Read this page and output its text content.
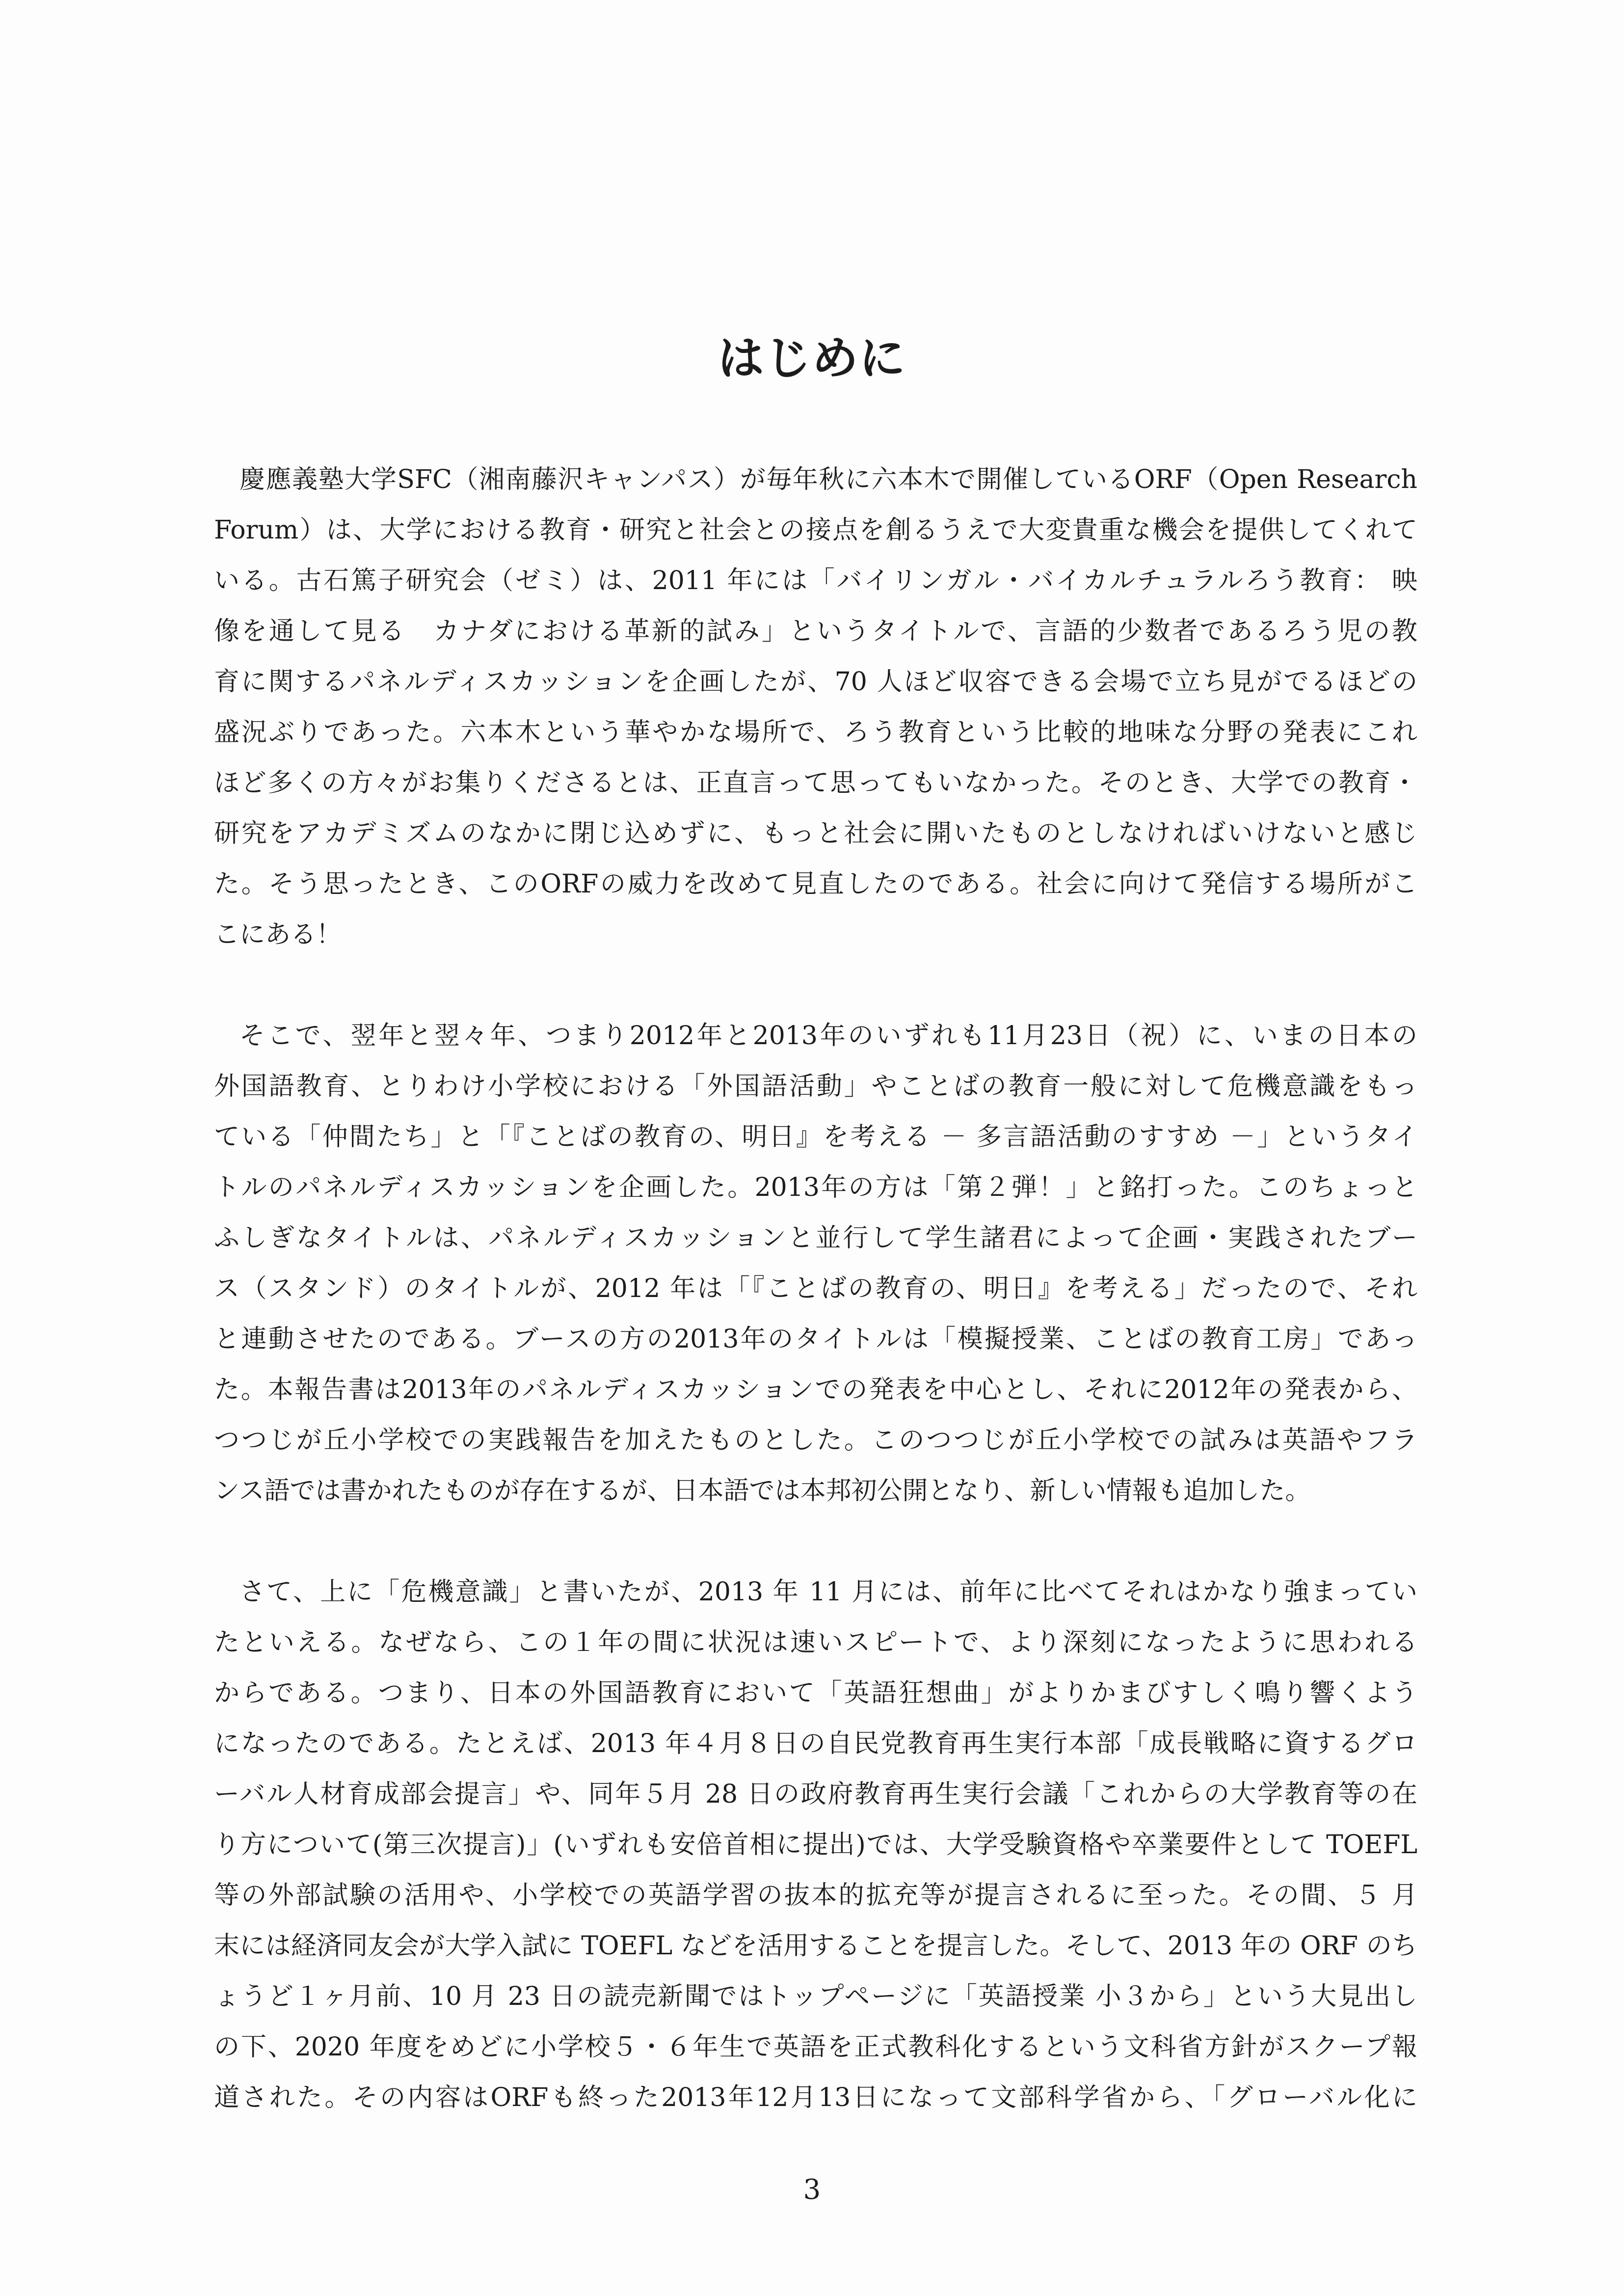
はじめに
慶應義塾大学SFC（湘南藤沢キャンパス）が毎年秋に六本木で開催しているORF（Open Research
Forum）は、大学における教育・研究と社会との接点を創るうえで大変貴重な機会を提供してくれて
いる。古石篤子研究会（ゼミ）は、2011 年には「バイリンガル・バイカルチュラルろう教育： 映
像を通して見る　カナダにおける革新的試み」というタイトルで、言語的少数者であるろう児の教
育に関するパネルディスカッションを企画したが、70 人ほど収容できる会場で立ち見がでるほどの
盛況ぶりであった。六本木という華やかな場所で、ろう教育という比較的地味な分野の発表にこれ
ほど多くの方々がお集りくださるとは、正直言って思ってもいなかった。そのとき、大学での教育・
研究をアカデミズムのなかに閉じ込めずに、もっと社会に開いたものとしなければいけないと感じ
た。そう思ったとき、このORFの威力を改めて見直したのである。社会に向けて発信する場所がこ
こにある！
そこで、翌年と翌々年、つまり2012年と2013年のいずれも11月23日（祝）に、いまの日本の
外国語教育、とりわけ小学校における「外国語活動」やことばの教育一般に対して危機意識をもっ
ている「仲間たち」と「『ことばの教育の、明日』を考える － 多言語活動のすすめ －」というタイ
トルのパネルディスカッションを企画した。2013年の方は「第２弾！」と銘打った。このちょっと
ふしぎなタイトルは、パネルディスカッションと並行して学生諸君によって企画・実践されたブー
ス（スタンド）のタイトルが、2012 年は「『ことばの教育の、明日』を考える」だったので、それ
と連動させたのである。ブースの方の2013年のタイトルは「模擬授業、ことばの教育工房」であっ
た。本報告書は2013年のパネルディスカッションでの発表を中心とし、それに2012年の発表から、
つつじが丘小学校での実践報告を加えたものとした。このつつじが丘小学校での試みは英語やフラ
ンス語では書かれたものが存在するが、日本語では本邦初公開となり、新しい情報も追加した。
さて、上に「危機意識」と書いたが、2013 年 11 月には、前年に比べてそれはかなり強まってい
たといえる。なぜなら、この１年の間に状況は速いスピートで、より深刻になったように思われる
からである。つまり、日本の外国語教育において「英語狂想曲」がよりかまびすしく鳴り響くよう
になったのである。たとえば、2013 年４月８日の自民党教育再生実行本部「成長戦略に資するグロ
ーバル人材育成部会提言」や、同年５月 28 日の政府教育再生実行会議「これからの大学教育等の在
り方について(第三次提言)」(いずれも安倍首相に提出)では、大学受験資格や卒業要件として TOEFL
等の外部試験の活用や、小学校での英語学習の抜本的拡充等が提言されるに至った。その間、５ 月
末には経済同友会が大学入試に TOEFL などを活用することを提言した。そして、2013 年の ORF のち
ょうど１ヶ月前、10 月 23 日の読売新聞ではトップページに「英語授業 小３から」という大見出し
の下、2020 年度をめどに小学校５・６年生で英語を正式教科化するという文科省方針がスクープ報
道された。その内容はORFも終った2013年12月13日になって文部科学省から、「グローバル化に
3
